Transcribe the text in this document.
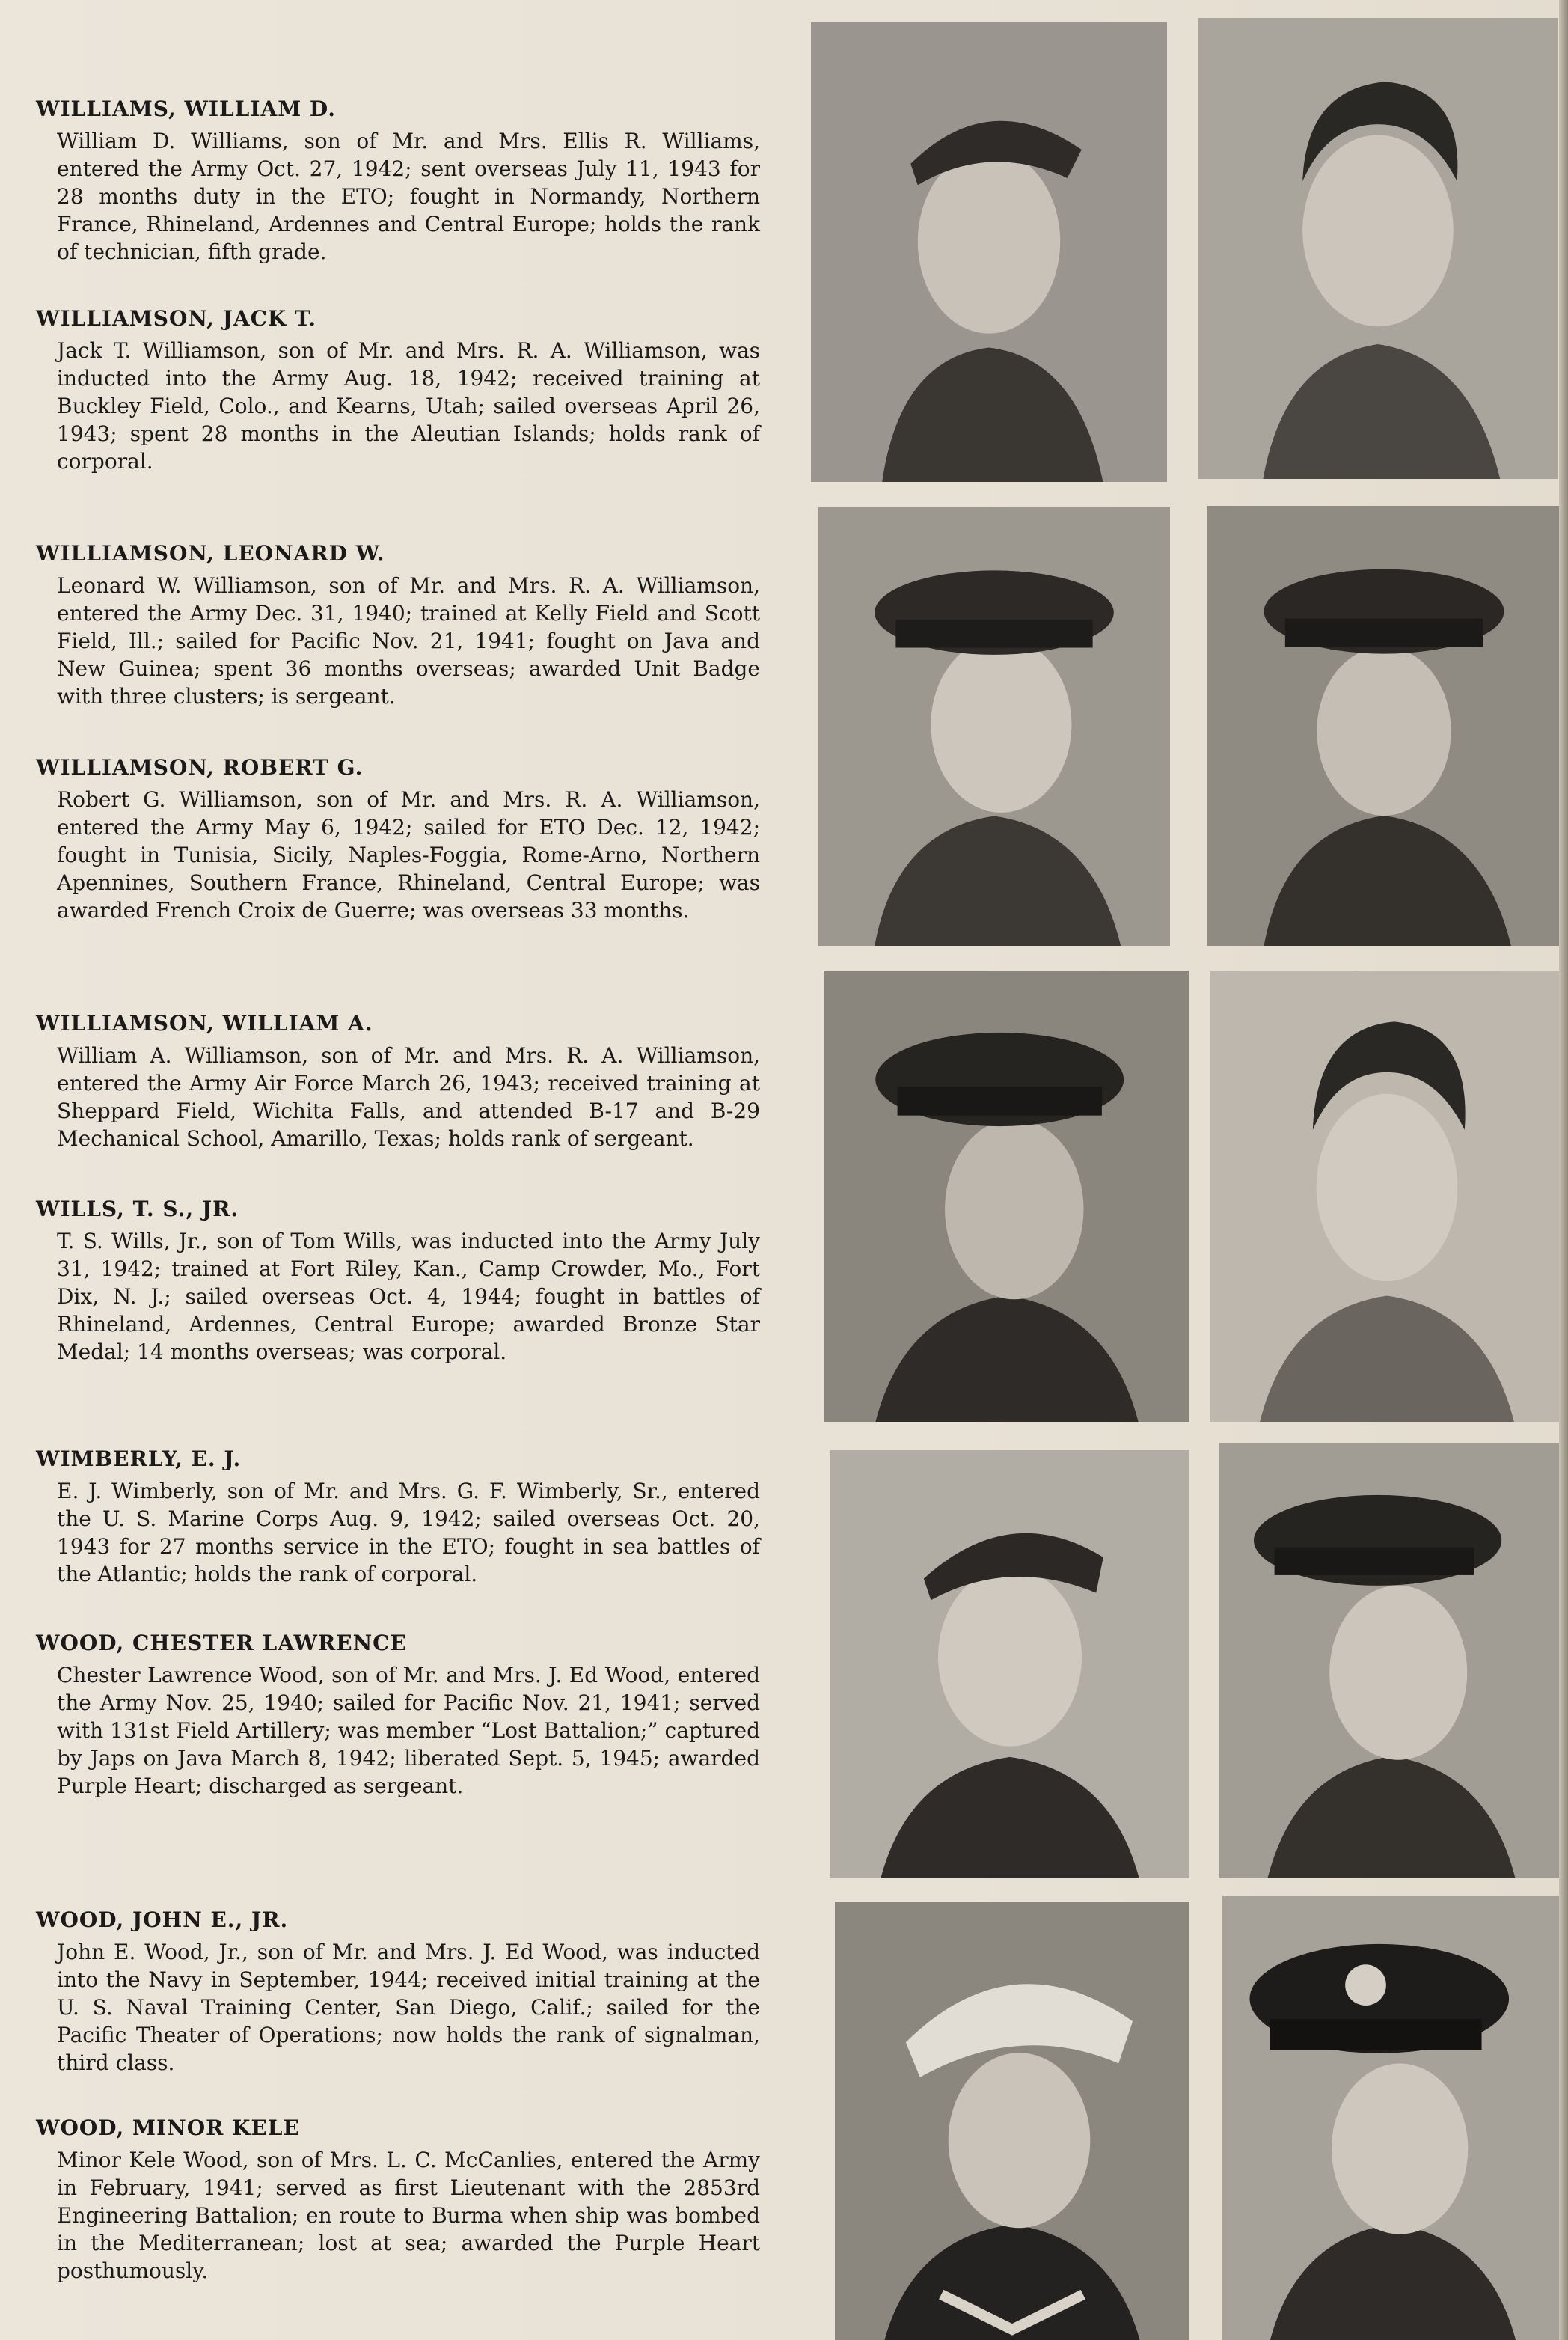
WILLIAMS, WILLIAM D.
William D. Williams, son of Mr. and Mrs. Ellis R. Williams, entered the Army Oct. 27, 1942; sent overseas July 11, 1943 for 28 months duty in the ETO; fought in Normandy, Northern France, Rhineland, Ardennes and Central Europe; holds the rank of technician, fifth grade.
WILLIAMSON, JACK T.
Jack T. Williamson, son of Mr. and Mrs. R. A. Williamson, was inducted into the Army Aug. 18, 1942; received training at Buckley Field, Colo., and Kearns, Utah; sailed overseas April 26, 1943; spent 28 months in the Aleutian Islands; holds rank of corporal.
WILLIAMSON, LEONARD W.
Leonard W. Williamson, son of Mr. and Mrs. R. A. Williamson, entered the Army Dec. 31, 1940; trained at Kelly Field and Scott Field, Ill.; sailed for Pacific Nov. 21, 1941; fought on Java and New Guinea; spent 36 months overseas; awarded Unit Badge with three clusters; is sergeant.
WILLIAMSON, ROBERT G.
Robert G. Williamson, son of Mr. and Mrs. R. A. Williamson, entered the Army May 6, 1942; sailed for ETO Dec. 12, 1942; fought in Tunisia, Sicily, Naples-Foggia, Rome-Arno, Northern Apennines, Southern France, Rhineland, Central Europe; was awarded French Croix de Guerre; was overseas 33 months.
WILLIAMSON, WILLIAM A.
William A. Williamson, son of Mr. and Mrs. R. A. Williamson, entered the Army Air Force March 26, 1943; received training at Sheppard Field, Wichita Falls, and attended B-17 and B-29 Mechanical School, Amarillo, Texas; holds rank of sergeant.
WILLS, T. S., JR.
T. S. Wills, Jr., son of Tom Wills, was inducted into the Army July 31, 1942; trained at Fort Riley, Kan., Camp Crowder, Mo., Fort Dix, N. J.; sailed overseas Oct. 4, 1944; fought in battles of Rhineland, Ardennes, Central Europe; awarded Bronze Star Medal; 14 months overseas; was corporal.
WIMBERLY, E. J.
E. J. Wimberly, son of Mr. and Mrs. G. F. Wimberly, Sr., entered the U. S. Marine Corps Aug. 9, 1942; sailed overseas Oct. 20, 1943 for 27 months service in the ETO; fought in sea battles of the Atlantic; holds the rank of corporal.
WOOD, CHESTER LAWRENCE
Chester Lawrence Wood, son of Mr. and Mrs. J. Ed Wood, entered the Army Nov. 25, 1940; sailed for Pacific Nov. 21, 1941; served with 131st Field Artillery; was member “Lost Battalion;” captured by Japs on Java March 8, 1942; liberated Sept. 5, 1945; awarded Purple Heart; discharged as sergeant.
WOOD, JOHN E., JR.
John E. Wood, Jr., son of Mr. and Mrs. J. Ed Wood, was inducted into the Navy in September, 1944; received initial training at the U. S. Naval Training Center, San Diego, Calif.; sailed for the Pacific Theater of Operations; now holds the rank of signalman, third class.
WOOD, MINOR KELE
Minor Kele Wood, son of Mrs. L. C. McCanlies, entered the Army in February, 1941; served as first Lieutenant with the 2853rd Engineering Battalion; en route to Burma when ship was bombed in the Mediterranean; lost at sea; awarded the Purple Heart posthumously.
